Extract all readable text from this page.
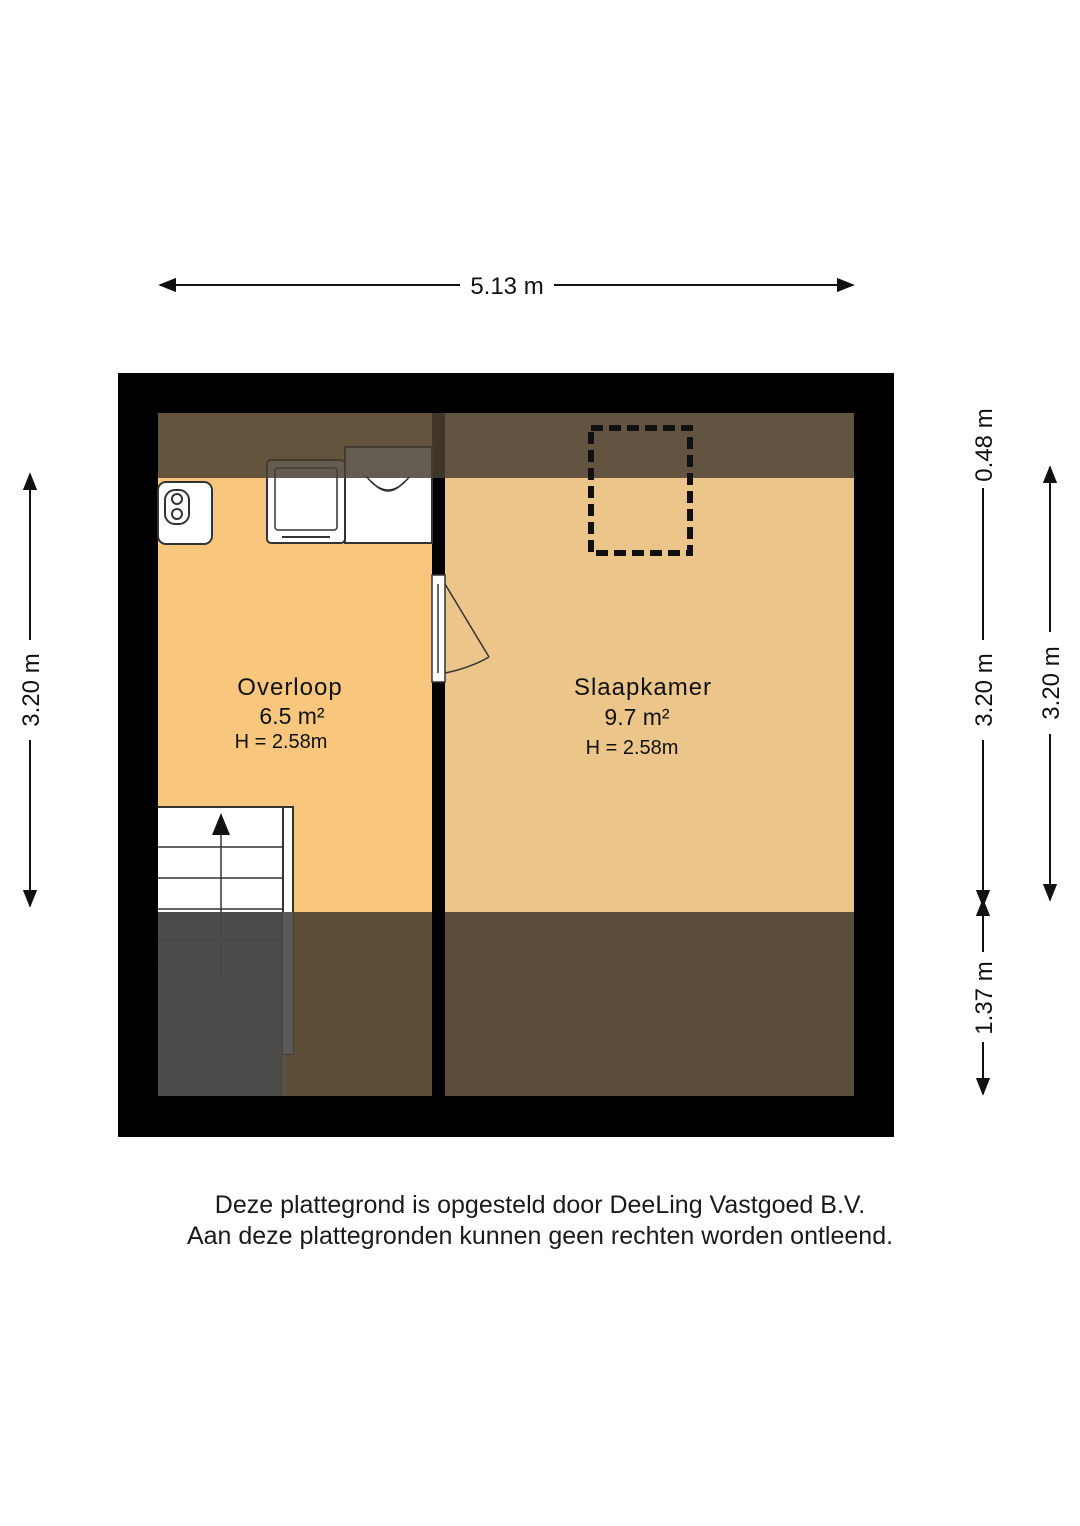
Overloop
6.5 m²
H = 2.58m
Slaapkamer
9.7 m²
H = 2.58m
5.13 m
3.20 m
0.48 m
3.20 m
1.37 m
3.20 m

Deze plattegrond is opgesteld door DeeLing Vastgoed B.V.

Aan deze plattegronden kunnen geen rechten worden ontleend.
